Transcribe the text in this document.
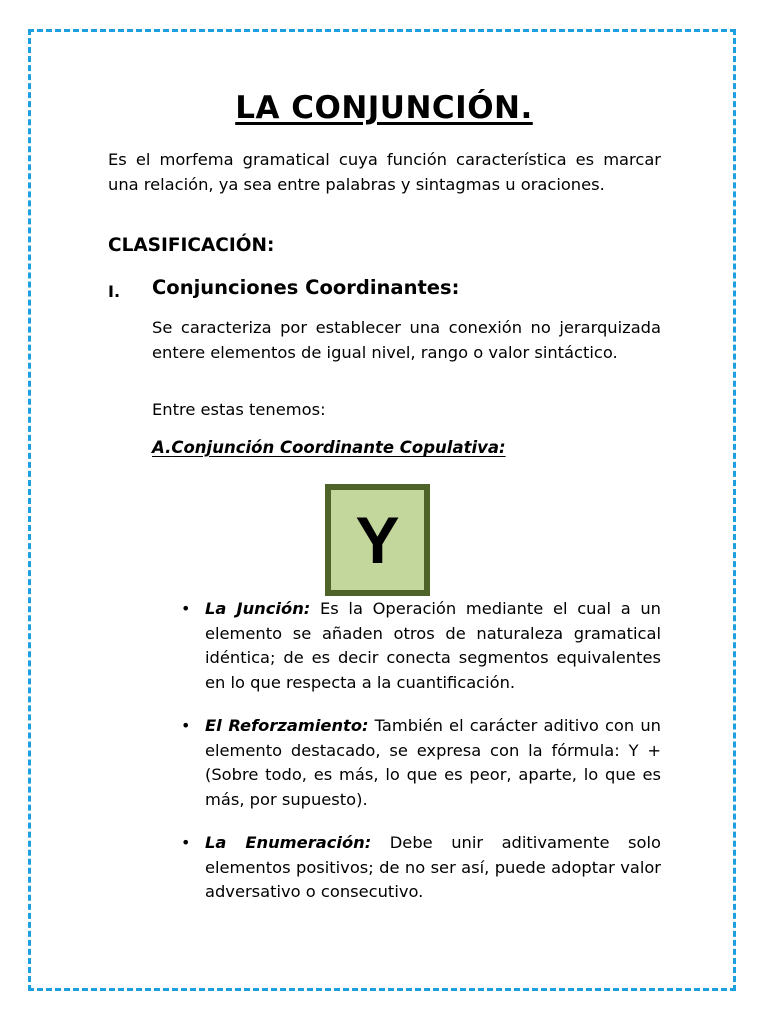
LA CONJUNCIÓN.
Es el morfema gramatical cuya función característica es marcar una relación, ya sea entre palabras y sintagmas u oraciones.
CLASIFICACIÓN:
I. Conjunciones Coordinantes:
Se caracteriza por establecer una conexión no jerarquizada entere elementos de igual nivel, rango o valor sintáctico.
Entre estas tenemos:
A.Conjunción Coordinante Copulativa:
Y
• La Junción: Es la Operación mediante el cual a un elemento se añaden otros de naturaleza gramatical idéntica; de es decir conecta segmentos equivalentes en lo que respecta a la cuantificación.
• El Reforzamiento: También el carácter aditivo con un elemento destacado, se expresa con la fórmula: Y + (Sobre todo, es más, lo que es peor, aparte, lo que es más, por supuesto).
• La Enumeración: Debe unir aditivamente solo elementos positivos; de no ser así, puede adoptar valor adversativo o consecutivo.
